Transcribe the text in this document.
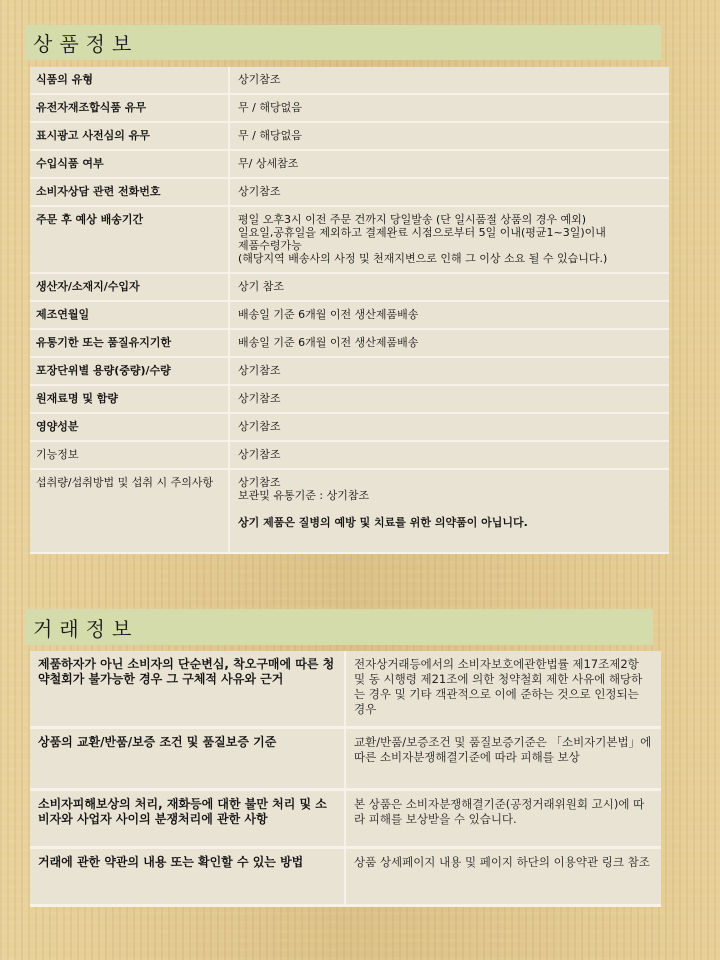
상품정보
식품의 유형	상기참조
유전자재조합식품 유무	무 / 해당없음
표시광고 사전심의 유무	무 / 해당없음
수입식품 여부	무/ 상세참조
소비자상담 관련 전화번호	상기참조
주문 후 예상 배송기간	평일 오후3시 이전 주문 건까지 당일발송 (단 일시품절 상품의 경우 예외)
일요일,공휴일을 제외하고 결제완료 시점으로부터 5일 이내(평균1~3일)이내
제품수령가능
(해당지역 배송사의 사정 및 천재지변으로 인해 그 이상 소요 될 수 있습니다.)

생산자/소재지/수입자	상기 참조
제조연월일	배송일 기준 6개월 이전 생산제품배송
유통기한 또는 품질유지기한	배송일 기준 6개월 이전 생산제품배송
포장단위별 용량(중량)/수량	상기참조
원재료명 및 함량	상기참조
영양성분	상기참조
기능정보	상기참조
섭취량/섭취방법 및 섭취 시 주의사항	상기참조
보관및 유통기준 : 상기참조
상기 제품은 질병의 예방 및 치료를 위한 의약품이 아닙니다.
거래정보
제품하자가 아닌 소비자의 단순변심, 착오구매에 따른 청약철회가 불가능한 경우 그 구체적 사유와 근거	전자상거래등에서의 소비자보호에관한법률 제17조제2항 및 동 시행령 제21조에 의한 청약철회 제한 사유에 해당하는 경우 및 기타 객관적으로 이에 준하는 것으로 인정되는 경우
상품의 교환/반품/보증 조건 및 품질보증 기준	교환/반품/보증조건 및 품질보증기준은 「소비자기본법」에 따른 소비자분쟁해결기준에 따라 피해를 보상
소비자피해보상의 처리, 재화등에 대한 불만 처리 및 소비자와 사업자 사이의 분쟁처리에 관한 사항	본 상품은 소비자분쟁해결기준(공정거래위원회 고시)에 따라 피해를 보상받을 수 있습니다.
거래에 관한 약관의 내용 또는 확인할 수 있는 방법	상품 상세페이지 내용 및 페이지 하단의 이용약관 링크 참조
